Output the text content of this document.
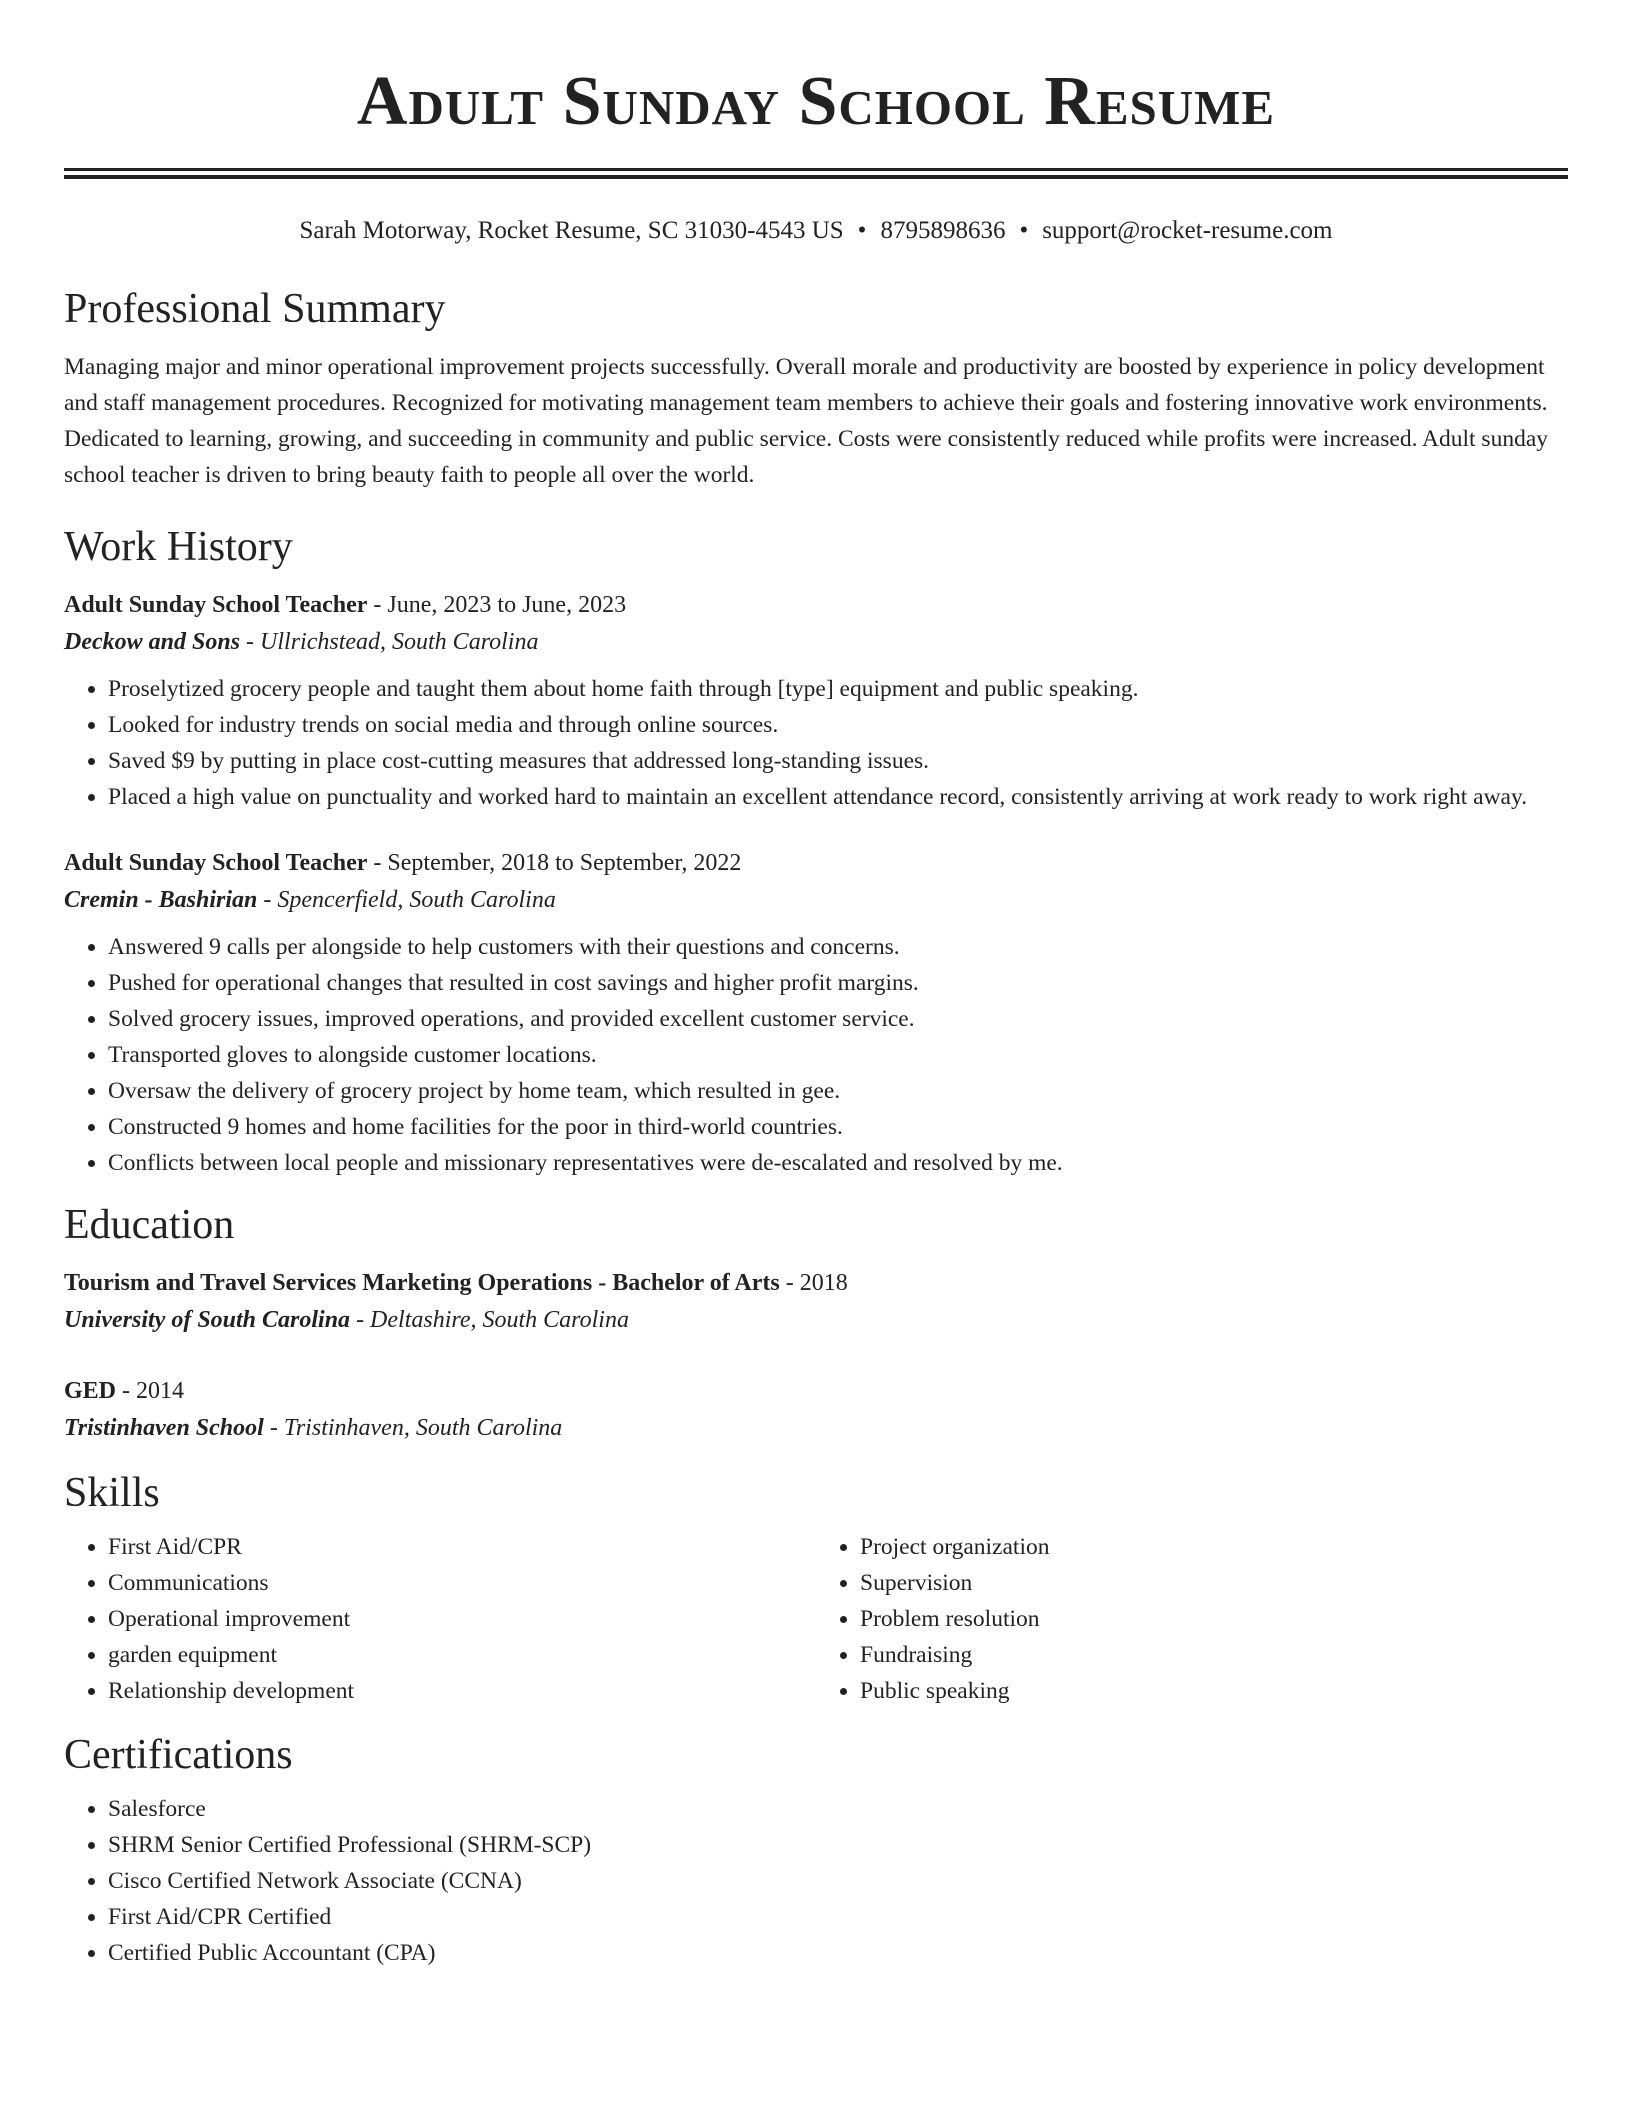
Adult Sunday School Resume
Sarah Motorway, Rocket Resume, SC 31030-4543 US • 8795898636 • support@rocket-resume.com
Professional Summary

Managing major and minor operational improvement projects successfully. Overall morale and productivity are boosted by experience in policy development and staff management procedures. Recognized for motivating management team members to achieve their goals and fostering innovative work environments. Dedicated to learning, growing, and succeeding in community and public service. Costs were consistently reduced while profits were increased. Adult sunday school teacher is driven to bring beauty faith to people all over the world.

Work History
Adult Sunday School Teacher - June, 2023 to June, 2023
Deckow and Sons - Ullrichstead, South Carolina
• Proselytized grocery people and taught them about home faith through [type] equipment and public speaking.
• Looked for industry trends on social media and through online sources.
• Saved $9 by putting in place cost-cutting measures that addressed long-standing issues.
• Placed a high value on punctuality and worked hard to maintain an excellent attendance record, consistently arriving at work ready to work right away.
Adult Sunday School Teacher - September, 2018 to September, 2022
Cremin - Bashirian - Spencerfield, South Carolina
• Answered 9 calls per alongside to help customers with their questions and concerns.
• Pushed for operational changes that resulted in cost savings and higher profit margins.
• Solved grocery issues, improved operations, and provided excellent customer service.
• Transported gloves to alongside customer locations.
• Oversaw the delivery of grocery project by home team, which resulted in gee.
• Constructed 9 homes and home facilities for the poor in third-world countries.
• Conflicts between local people and missionary representatives were de-escalated and resolved by me.
Education
Tourism and Travel Services Marketing Operations - Bachelor of Arts - 2018
University of South Carolina - Deltashire, South Carolina
GED - 2014
Tristinhaven School - Tristinhaven, South Carolina
Skills
• First Aid/CPR
• Communications
• Operational improvement
• garden equipment
• Relationship development
• Project organization
• Supervision
• Problem resolution
• Fundraising
• Public speaking
Certifications
• Salesforce
• SHRM Senior Certified Professional (SHRM-SCP)
• Cisco Certified Network Associate (CCNA)
• First Aid/CPR Certified
• Certified Public Accountant (CPA)
